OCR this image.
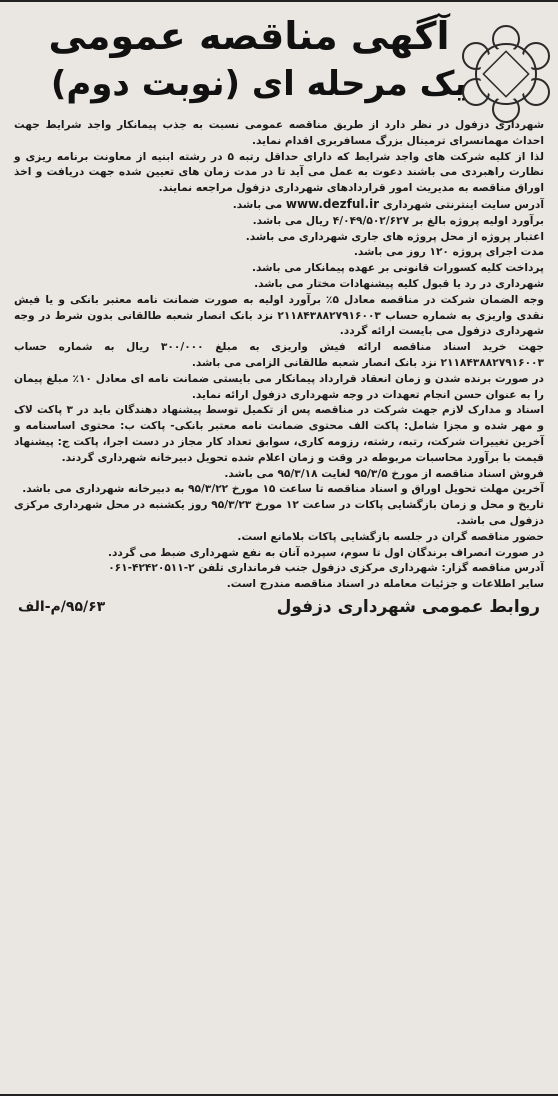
آگهی مناقصه عمومی
یک مرحله ای (نوبت دوم)

شهرداری دزفول در نظر دارد از طریق مناقصه عمومی نسبت به جذب پیمانکار واجد شرایط جهت احداث مهمانسرای ترمینال بزرگ مسافربری اقدام نماید.

لذا از کلیه شرکت های واجد شرایط که دارای حداقل رتبه ۵ در رشته ابنیه از معاونت برنامه ریزی و نظارت راهبردی می باشند دعوت به عمل می آید تا در مدت زمان های تعیین شده جهت دریافت و اخذ اوراق مناقصه به مدیریت امور قراردادهای شهرداری دزفول مراجعه نمایند.

آدرس سایت اینترنتی شهرداری www.dezful.ir می باشد.

برآورد اولیه پروژه بالغ بر ۴/۰۴۹/۵۰۲/۶۲۷ ریال می باشد.

اعتبار پروژه از محل پروژه های جاری شهرداری می باشد.

مدت اجرای پروژه ۱۲۰ روز می باشد.

پرداخت کلیه کسورات قانونی بر عهده پیمانکار می باشد.

شهرداری در رد یا قبول کلیه پیشنهادات مختار می باشد.

وجه الضمان شرکت در مناقصه معادل ۵٪ برآورد اولیه به صورت ضمانت نامه معتبر بانکی و یا فیش نقدی واریزی به شماره حساب ۲۱۱۸۴۳۸۸۲۷۹۱۶۰۰۳ نزد بانک انصار شعبه طالقانی بدون شرط در وجه شهرداری دزفول می بایست ارائه گردد.

جهت خرید اسناد مناقصه ارائه فیش واریزی به مبلغ ۳۰۰/۰۰۰ ریال به شماره حساب ۲۱۱۸۴۳۸۸۲۷۹۱۶۰۰۳ نزد بانک انصار شعبه طالقانی الزامی می باشد.

در صورت برنده شدن و زمان انعقاد قرارداد پیمانکار می بایستی ضمانت نامه ای معادل ۱۰٪ مبلغ پیمان را به عنوان حسن انجام تعهدات در وجه شهرداری دزفول ارائه نماید.

اسناد و مدارک لازم جهت شرکت در مناقصه پس از تکمیل توسط پیشنهاد دهندگان باید در ۳ پاکت لاک و مهر شده و مجزا شامل: پاکت الف محتوی ضمانت نامه معتبر بانکی- پاکت ب: محتوی اساسنامه و آخرین تغییرات شرکت، رتبه، رشته، رزومه کاری، سوابق تعداد کار مجاز در دست اجرا، پاکت ج: پیشنهاد قیمت با برآورد محاسبات مربوطه در وقت و زمان اعلام شده تحویل دبیرخانه شهرداری گردند.

فروش اسناد مناقصه از مورخ ۹۵/۳/۵ لغایت ۹۵/۳/۱۸ می باشد.

آخرین مهلت تحویل اوراق و اسناد مناقصه تا ساعت ۱۵ مورخ ۹۵/۳/۲۲ به دبیرخانه شهرداری می باشد.

تاریخ و محل و زمان بازگشایی پاکات در ساعت ۱۲ مورخ ۹۵/۳/۲۳ روز یکشنبه در محل شهرداری مرکزی دزفول می باشد.

حضور مناقصه گران در جلسه بازگشایی پاکات بلامانع است.

در صورت انصراف برندگان اول تا سوم، سپرده آنان به نفع شهرداری ضبط می گردد.

آدرس مناقصه گزار: شهرداری مرکزی دزفول جنب فرمانداری تلفن ۲-۴۲۴۲۰۵۱۱-۰۶۱

سایر اطلاعات و جزئیات معامله در اسناد مناقصه مندرج است.

روابط عمومی شهرداری دزفول
۹۵/۶۳/م-الف
